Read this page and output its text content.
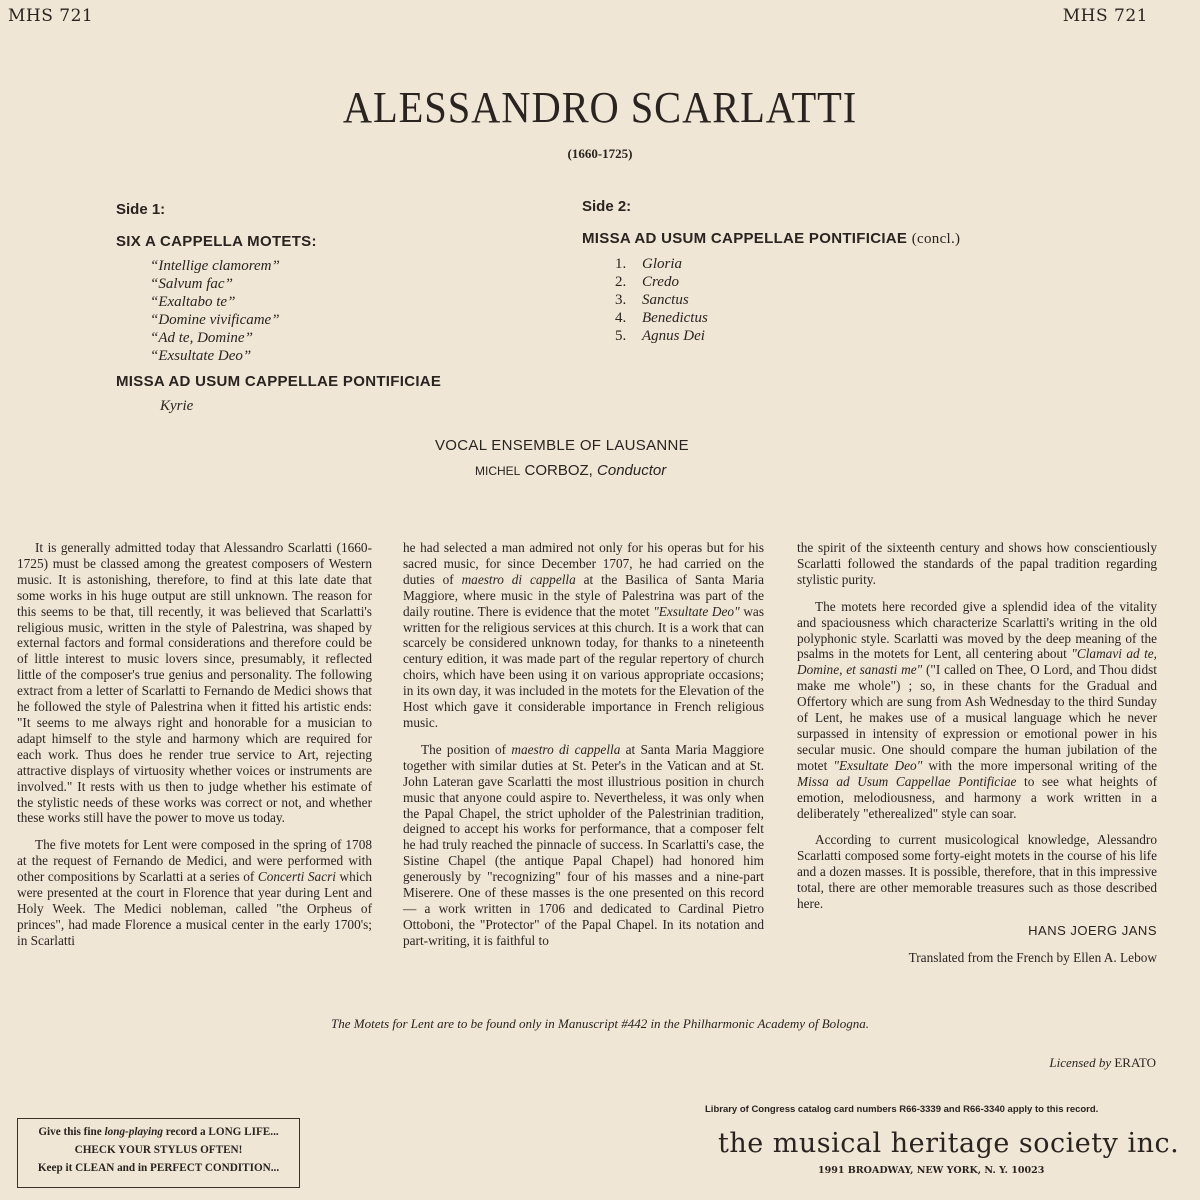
MHS 721	MHS 721
ALESSANDRO SCARLATTI
(1660-1725)
Side 1:
SIX A CAPPELLA MOTETS:
“Intellige clamorem”
“Salvum fac”
“Exaltabo te”
“Domine vivificame”
“Ad te, Domine”
“Exsultate Deo”
MISSA AD USUM CAPPELLAE PONTIFICIAE
Kyrie
Side 2:
MISSA AD USUM CAPPELLAE PONTIFICIAE (concl.)
1. Gloria
2. Credo
3. Sanctus
4. Benedictus
5. Agnus Dei
VOCAL ENSEMBLE OF LAUSANNE
MICHEL CORBOZ, Conductor

It is generally admitted today that Alessandro Scarlatti (1660-1725) must be classed among the greatest composers of Western music. It is astonishing, therefore, to find at this late date that some works in his huge output are still unknown. The reason for this seems to be that, till recently, it was believed that Scarlatti's religious music, written in the style of Palestrina, was shaped by external factors and formal considerations and therefore could be of little interest to music lovers since, presumably, it reflected little of the composer's true genius and personality. The following extract from a letter of Scarlatti to Fernando de Medici shows that he followed the style of Palestrina when it fitted his artistic ends: "It seems to me always right and honorable for a musician to adapt himself to the style and harmony which are required for each work. Thus does he render true service to Art, rejecting attractive displays of virtuosity whether voices or instruments are involved." It rests with us then to judge whether his estimate of the stylistic needs of these works was correct or not, and whether these works still have the power to move us today.

The five motets for Lent were composed in the spring of 1708 at the request of Fernando de Medici, and were performed with other compositions by Scarlatti at a series of Concerti Sacri which were presented at the court in Florence that year during Lent and Holy Week. The Medici nobleman, called "the Orpheus of princes", had made Florence a musical center in the early 1700's; in Scarlatti

he had selected a man admired not only for his operas but for his sacred music, for since December 1707, he had carried on the duties of maestro di cappella at the Basilica of Santa Maria Maggiore, where music in the style of Palestrina was part of the daily routine. There is evidence that the motet "Exsultate Deo" was written for the religious services at this church. It is a work that can scarcely be considered unknown today, for thanks to a nineteenth century edition, it was made part of the regular repertory of church choirs, which have been using it on various appropriate occasions; in its own day, it was included in the motets for the Elevation of the Host which gave it considerable importance in French religious music.

The position of maestro di cappella at Santa Maria Maggiore together with similar duties at St. Peter's in the Vatican and at St. John Lateran gave Scarlatti the most illustrious position in church music that anyone could aspire to. Nevertheless, it was only when the Papal Chapel, the strict upholder of the Palestrinian tradition, deigned to accept his works for performance, that a composer felt he had truly reached the pinnacle of success. In Scarlatti's case, the Sistine Chapel (the antique Papal Chapel) had honored him generously by "recognizing" four of his masses and a nine-part Miserere. One of these masses is the one presented on this record — a work written in 1706 and dedicated to Cardinal Pietro Ottoboni, the "Protector" of the Papal Chapel. In its notation and part-writing, it is faithful to

the spirit of the sixteenth century and shows how conscientiously Scarlatti followed the standards of the papal tradition regarding stylistic purity.

The motets here recorded give a splendid idea of the vitality and spaciousness which characterize Scarlatti's writing in the old polyphonic style. Scarlatti was moved by the deep meaning of the psalms in the motets for Lent, all centering about "Clamavi ad te, Domine, et sanasti me" ("I called on Thee, O Lord, and Thou didst make me whole") ; so, in these chants for the Gradual and Offertory which are sung from Ash Wednesday to the third Sunday of Lent, he makes use of a musical language which he never surpassed in intensity of expression or emotional power in his secular music. One should compare the human jubilation of the motet "Exsultate Deo" with the more impersonal writing of the Missa ad Usum Cappellae Pontificiae to see what heights of emotion, melodiousness, and harmony a work written in a deliberately "etherealized" style can soar.

According to current musicological knowledge, Alessandro Scarlatti composed some forty-eight motets in the course of his life and a dozen masses. It is possible, therefore, that in this impressive total, there are other memorable treasures such as those described here.

HANS JOERG JANS

Translated from the French by Ellen A. Lebow

The Motets for Lent are to be found only in Manuscript #442 in the Philharmonic Academy of Bologna.
Licensed by ERATO
Give this fine long-playing record a LONG LIFE...
CHECK YOUR STYLUS OFTEN!
Keep it CLEAN and in PERFECT CONDITION...
Library of Congress catalog card numbers R66-3339 and R66-3340 apply to this record.
the musical heritage society inc.
1991 BROADWAY, NEW YORK, N. Y. 10023
